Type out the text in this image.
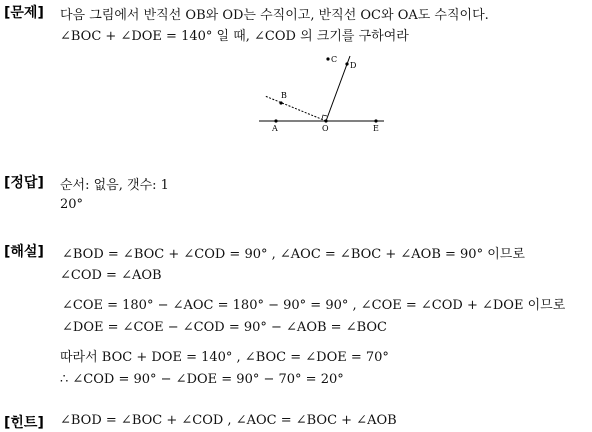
[문제] 다음 그림에서 반직선 OB와 OD는 수직이고, 반직선 OC와 OA도 수직이다.
∠BOC + ∠DOE = 140° 일 때, ∠COD 의 크기를 구하여라
C
D
B
A	O	E
[정답] 순서: 없음, 갯수: 1
20°
[해설] ∠BOD = ∠BOC + ∠COD = 90° , ∠AOC = ∠BOC + ∠AOB = 90° 이므로
∠COD = ∠AOB
∠COE = 180° − ∠AOC = 180° − 90° = 90° , ∠COE = ∠COD + ∠DOE 이므로
∠DOE = ∠COE − ∠COD = 90° − ∠AOB = ∠BOC
따라서 BOC + DOE = 140° , ∠BOC = ∠DOE = 70°
∴ ∠COD = 90° − ∠DOE = 90° − 70° = 20°
[힌트] ∠BOD = ∠BOC + ∠COD , ∠AOC = ∠BOC + ∠AOB
